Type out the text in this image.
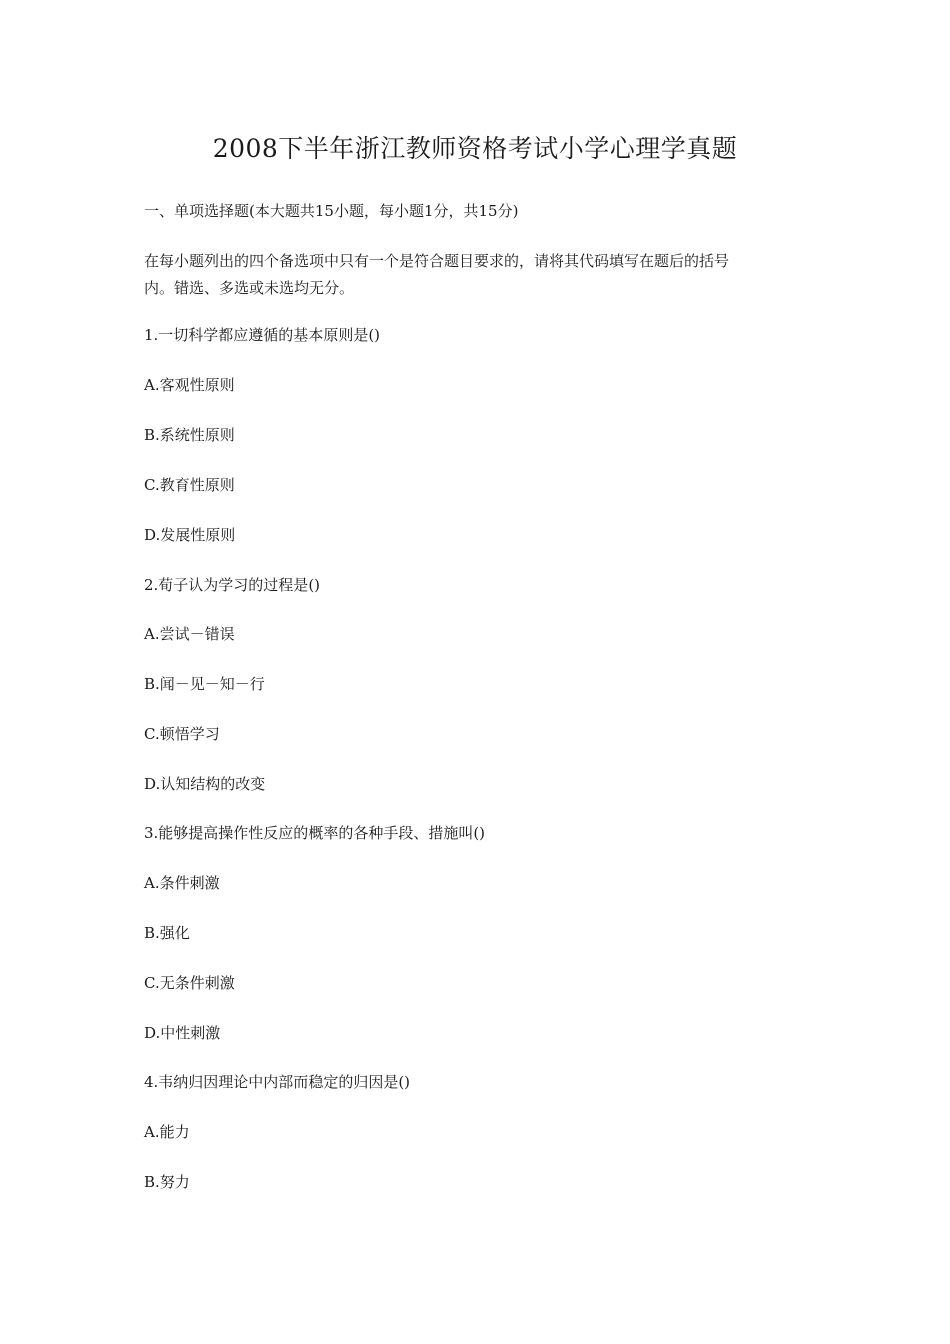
2008下半年浙江教师资格考试小学心理学真题
一、单项选择题(本大题共15小题，每小题1分，共15分)
在每小题列出的四个备选项中只有一个是符合题目要求的，请将其代码填写在题后的括号
内。错选、多选或未选均无分。
1.一切科学都应遵循的基本原则是()
A.客观性原则
B.系统性原则
C.教育性原则
D.发展性原则
2.荀子认为学习的过程是()
A.尝试－错误
B.闻－见－知－行
C.顿悟学习
D.认知结构的改变
3.能够提高操作性反应的概率的各种手段、措施叫()
A.条件刺激
B.强化
C.无条件刺激
D.中性刺激
4.韦纳归因理论中内部而稳定的归因是()
A.能力
B.努力
